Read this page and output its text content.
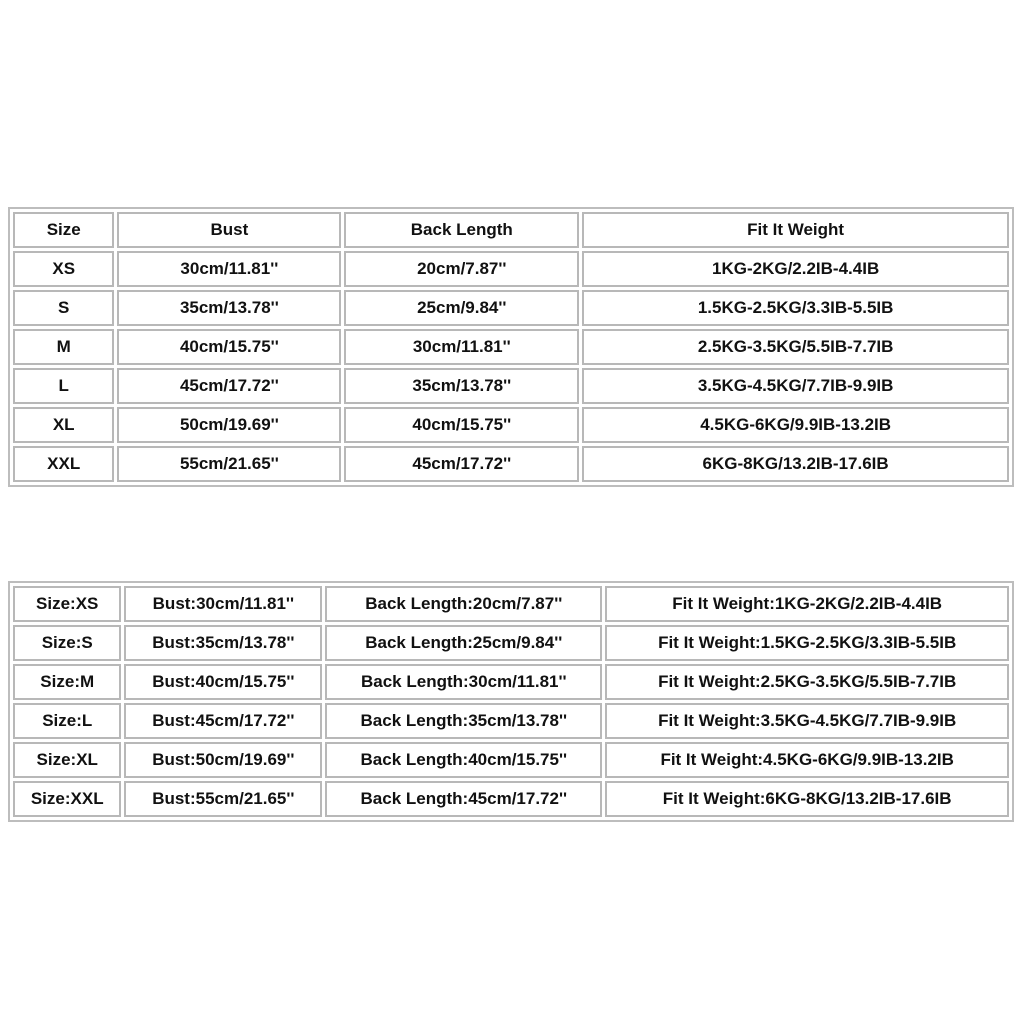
Size	Bust	Back Length	Fit It Weight
XS	30cm/11.81''	20cm/7.87''	1KG-2KG/2.2IB-4.4IB
S	35cm/13.78''	25cm/9.84''	1.5KG-2.5KG/3.3IB-5.5IB
M	40cm/15.75''	30cm/11.81''	2.5KG-3.5KG/5.5IB-7.7IB
L	45cm/17.72''	35cm/13.78''	3.5KG-4.5KG/7.7IB-9.9IB
XL	50cm/19.69''	40cm/15.75''	4.5KG-6KG/9.9IB-13.2IB
XXL	55cm/21.65''	45cm/17.72''	6KG-8KG/13.2IB-17.6IB
Size:XS	Bust:30cm/11.81''	Back Length:20cm/7.87''	Fit It Weight:1KG-2KG/2.2IB-4.4IB
Size:S	Bust:35cm/13.78''	Back Length:25cm/9.84''	Fit It Weight:1.5KG-2.5KG/3.3IB-5.5IB
Size:M	Bust:40cm/15.75''	Back Length:30cm/11.81''	Fit It Weight:2.5KG-3.5KG/5.5IB-7.7IB
Size:L	Bust:45cm/17.72''	Back Length:35cm/13.78''	Fit It Weight:3.5KG-4.5KG/7.7IB-9.9IB
Size:XL	Bust:50cm/19.69''	Back Length:40cm/15.75''	Fit It Weight:4.5KG-6KG/9.9IB-13.2IB
Size:XXL	Bust:55cm/21.65''	Back Length:45cm/17.72''	Fit It Weight:6KG-8KG/13.2IB-17.6IB
